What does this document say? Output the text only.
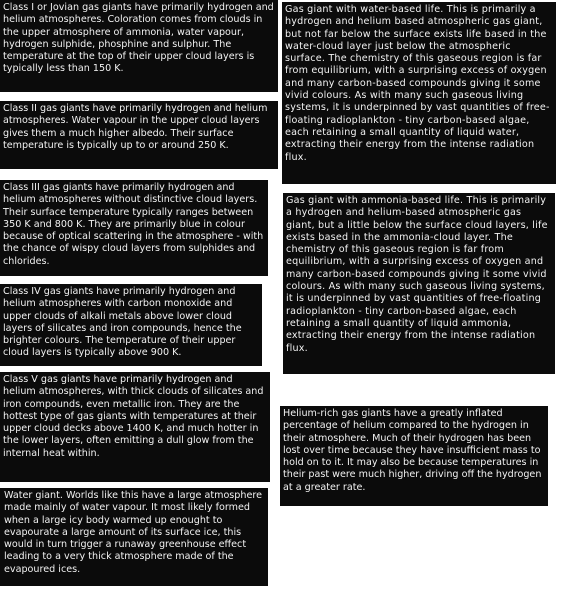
Class I or Jovian gas giants have primarily hydrogen and helium atmospheres. Coloration comes from clouds in the upper atmosphere of ammonia, water vapour, hydrogen sulphide, phosphine and sulphur. The temperature at the top of their upper cloud layers is typically less than 150 K.
Class II gas giants have primarily hydrogen and helium atmospheres. Water vapour in the upper cloud layers gives them a much higher albedo. Their surface temperature is typically up to or around 250 K.
Class III gas giants have primarily hydrogen and helium atmospheres without distinctive cloud layers. Their surface temperature typically ranges between 350 K and 800 K. They are primarily blue in colour because of optical scattering in the atmosphere - with the chance of wispy cloud layers from sulphides and chlorides.
Class IV gas giants have primarily hydrogen and helium atmospheres with carbon monoxide and upper clouds of alkali metals above lower cloud layers of silicates and iron compounds, hence the brighter colours. The temperature of their upper cloud layers is typically above 900 K.
Class V gas giants have primarily hydrogen and helium atmospheres, with thick clouds of silicates and iron compounds, even metallic iron. They are the hottest type of gas giants with temperatures at their upper cloud decks above 1400 K, and much hotter in the lower layers, often emitting a dull glow from the internal heat within.
Water giant. Worlds like this have a large atmosphere made mainly of water vapour. It most likely formed when a large icy body warmed up enought to evapourate a large amount of its surface ice, this would in turn trigger a runaway greenhouse effect leading to a very thick atmosphere made of the evapoured ices.
Gas giant with water-based life. This is primarily a hydrogen and helium based atmospheric gas giant, but not far below the surface exists life based in the water-cloud layer just below the atmospheric surface. The chemistry of this gaseous region is far from equilibrium, with a surprising excess of oxygen and many carbon-based compounds giving it some vivid colours. As with many such gaseous living systems, it is underpinned by vast quantities of free-floating radioplankton - tiny carbon-based algae, each retaining a small quantity of liquid water, extracting their energy from the intense radiation flux.
Gas giant with ammonia-based life. This is primarily a hydrogen and helium-based atmospheric gas giant, but a little below the surface cloud layers, life exists based in the ammonia-cloud layer. The chemistry of this gaseous region is far from equilibrium, with a surprising excess of oxygen and many carbon-based compounds giving it some vivid colours. As with many such gaseous living systems, it is underpinned by vast quantities of free-floating radioplankton - tiny carbon-based algae, each retaining a small quantity of liquid ammonia, extracting their energy from the intense radiation flux.
Helium-rich gas giants have a greatly inflated percentage of helium compared to the hydrogen in their atmosphere. Much of their hydrogen has been lost over time because they have insufficient mass to hold on to it. It may also be because temperatures in their past were much higher, driving off the hydrogen at a greater rate.
